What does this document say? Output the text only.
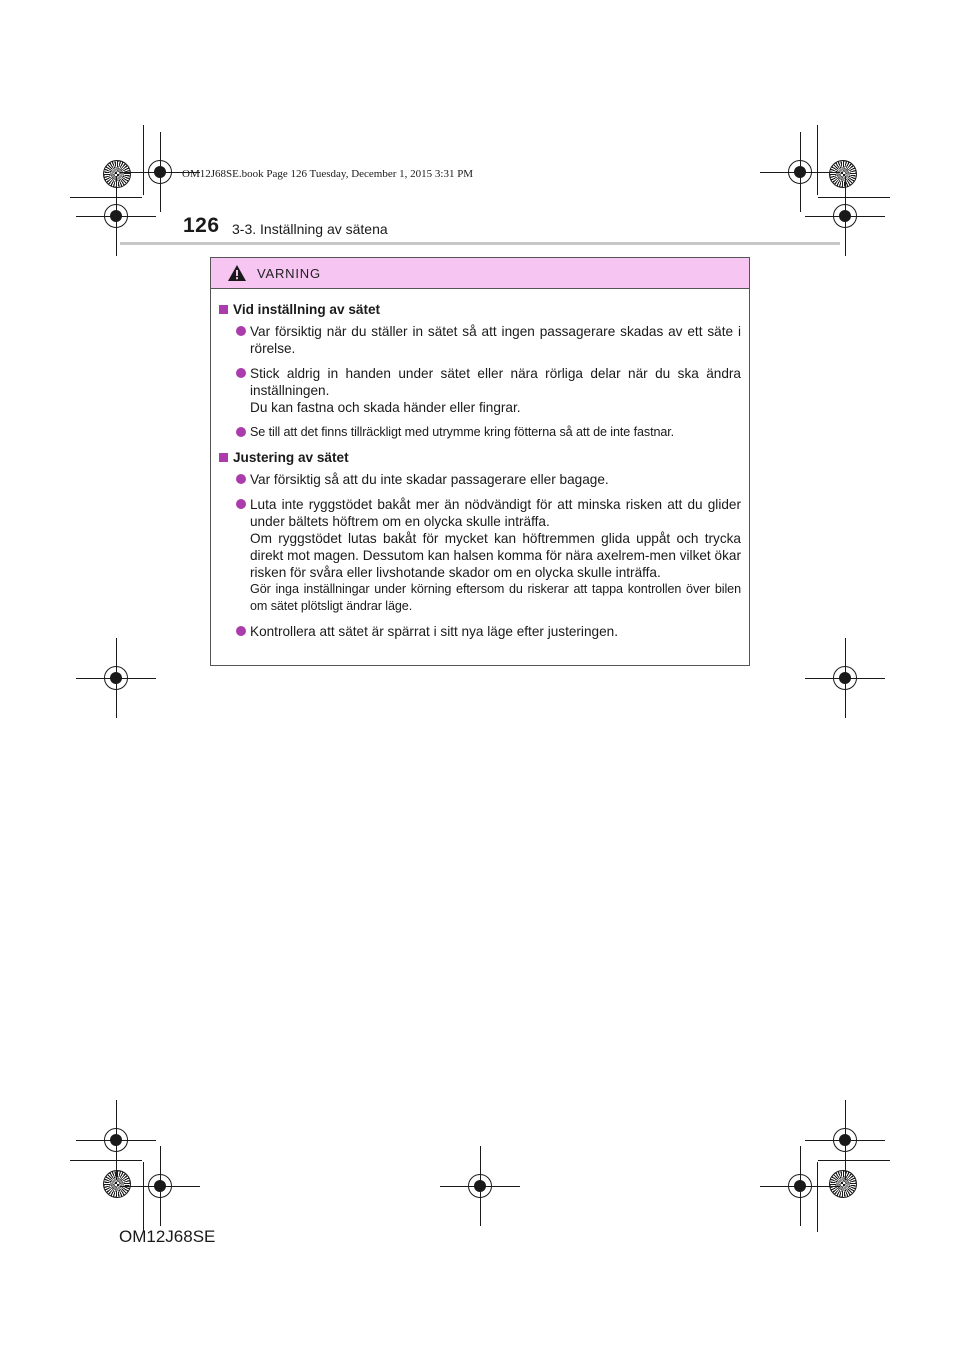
OM12J68SE.book Page 126 Tuesday, December 1, 2015 3:31 PM
126 3-3. Inställning av sätena
VARNING
Vid inställning av sätet
Var försiktig när du ställer in sätet så att ingen passagerare skadas av ett säte i rörelse.
Stick aldrig in handen under sätet eller nära rörliga delar när du ska ändra inställningen.
Du kan fastna och skada händer eller fingrar.
Se till att det finns tillräckligt med utrymme kring fötterna så att de inte fastnar.
Justering av sätet
Var försiktig så att du inte skadar passagerare eller bagage.
Luta inte ryggstödet bakåt mer än nödvändigt för att minska risken att du glider under bältets höftrem om en olycka skulle inträffa.
Om ryggstödet lutas bakåt för mycket kan höftremmen glida uppåt och trycka direkt mot magen. Dessutom kan halsen komma för nära axelrem-men vilket ökar risken för svåra eller livshotande skador om en olycka skulle inträffa.
Gör inga inställningar under körning eftersom du riskerar att tappa kontrollen över bilen om sätet plötsligt ändrar läge.
Kontrollera att sätet är spärrat i sitt nya läge efter justeringen.
OM12J68SE
